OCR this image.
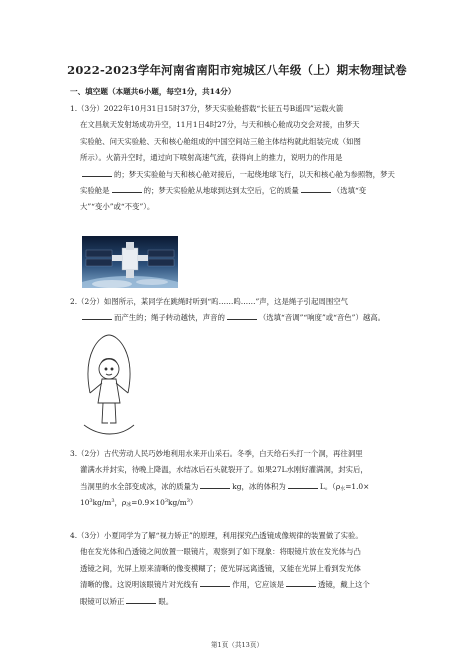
2022-2023学年河南省南阳市宛城区八年级（上）期末物理试卷
一、填空题（本题共6小题，每空1分，共14分）
1.（3分）2022年10月31日15时37分，梦天实验舱搭载“长征五号B遥四”运载火箭
在文昌航天发射场成功升空，11月1日4时27分，与天和核心舱成功交会对接，由梦天
实验舱、问天实验舱、天和核心舱组成的中国空间站三舱主体结构就此组装完成（如图
所示）。火箭升空时，通过向下喷射高速气流，获得向上的推力，说明力的作用是
的；梦天实验舱与天和核心舱对接后，一起绕地球飞行，以天和核心舱为参照物，梦天
实验舱是	的；梦天实验舱从地球到达到太空后，它的质量	（选填“变
大”“变小”或“不变”）。
2.（2分）如图所示，某同学在跳绳时听到“呜……呜……”声，这是绳子引起周围空气
而产生的；绳子转动越快，声音的	（选填“音调”“响度”或“音色”）越高。
3.（2分）古代劳动人民巧妙地利用水来开山采石。冬季，白天给石头打一个洞，再往洞里
灌满水并封实，待晚上降温，水结冰后石头就裂开了。如果27L水刚好灌满洞，封实后，
当洞里的水全部变成冰，冰的质量为	kg，冰的体积为	L。（$\rho_水=1.0\times$
$10^3kg/m^3$，$\rho_冰=0.9\times 10^3kg/m^3$）
4.（3分）小夏同学为了解“视力矫正”的原理，利用探究凸透镜成像规律的装置做了实验。
他在发光体和凸透镜之间放置一眼镜片，观察到了如下现象：将眼镜片放在发光体与凸
透镜之间，光屏上原来清晰的像变模糊了；使光屏远离透镜，又能在光屏上看到发光体
清晰的像。这说明该眼镜片对光线有	作用，它应该是	透镜，戴上这个
眼镜可以矫正	眼。
第1页（共13页）
